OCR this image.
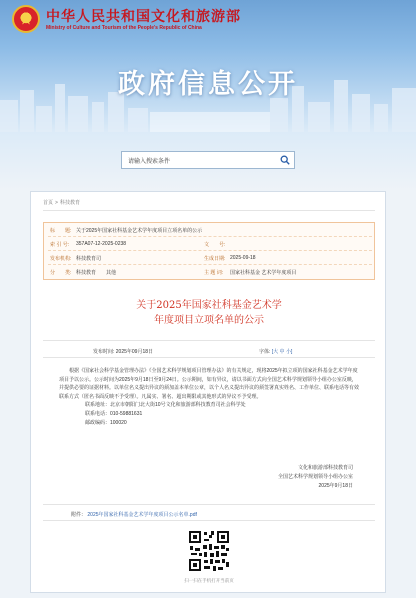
中华人民共和国文化和旅游部
Ministry of Culture and Tourism of the People's Republic of China
政府信息公开
请输入搜索条件
首页 > 科技教育
标　　题: 关于2025年国家社科基金艺术学年度项目立项名单的公示
索 引 号:	357A07-12-2025-0238	文　　号:
发布机构: 科技教育司	生成日期: 2025-09-18
分　　类: 科技教育　　其他	主 题 词:	国家社科基金 艺术学年度项目
关于2025年国家社科基金艺术学
年度项目立项名单的公示
发布时间: 2025年09月18日	字体: [大 中 小]

根据《国家社会科学基金管理办法》《全国艺术科学规划项目管理办法》的有关规定，现将2025年拟立项的国家社科基金艺术学年度项目予以公示。公示时间为2025年9月18日至9月24日。公示期间，如有异议，请以书面方式向全国艺术科学规划领导小组办公室反映，并提供必要的证据材料。以单位名义提出异议的须加盖本单位公章，以个人名义提出异议的须签署真实姓名、工作单位、联系电话等有效联系方式（匿名书面反映不予受理）。凡属实、署名、超出期限或其他形式的异议不予受理。

联系地址：北京市朝阳门北大街10号文化和旅游部科技教育司社会科学处
联系电话：010-59881631
邮政编码：100020
文化和旅游部科技教育司
全国艺术科学规划领导小组办公室
2025年9月18日
附件： 2025年国家社科基金艺术学年度项目公示名单.pdf
扫一扫在手机打开当前页
